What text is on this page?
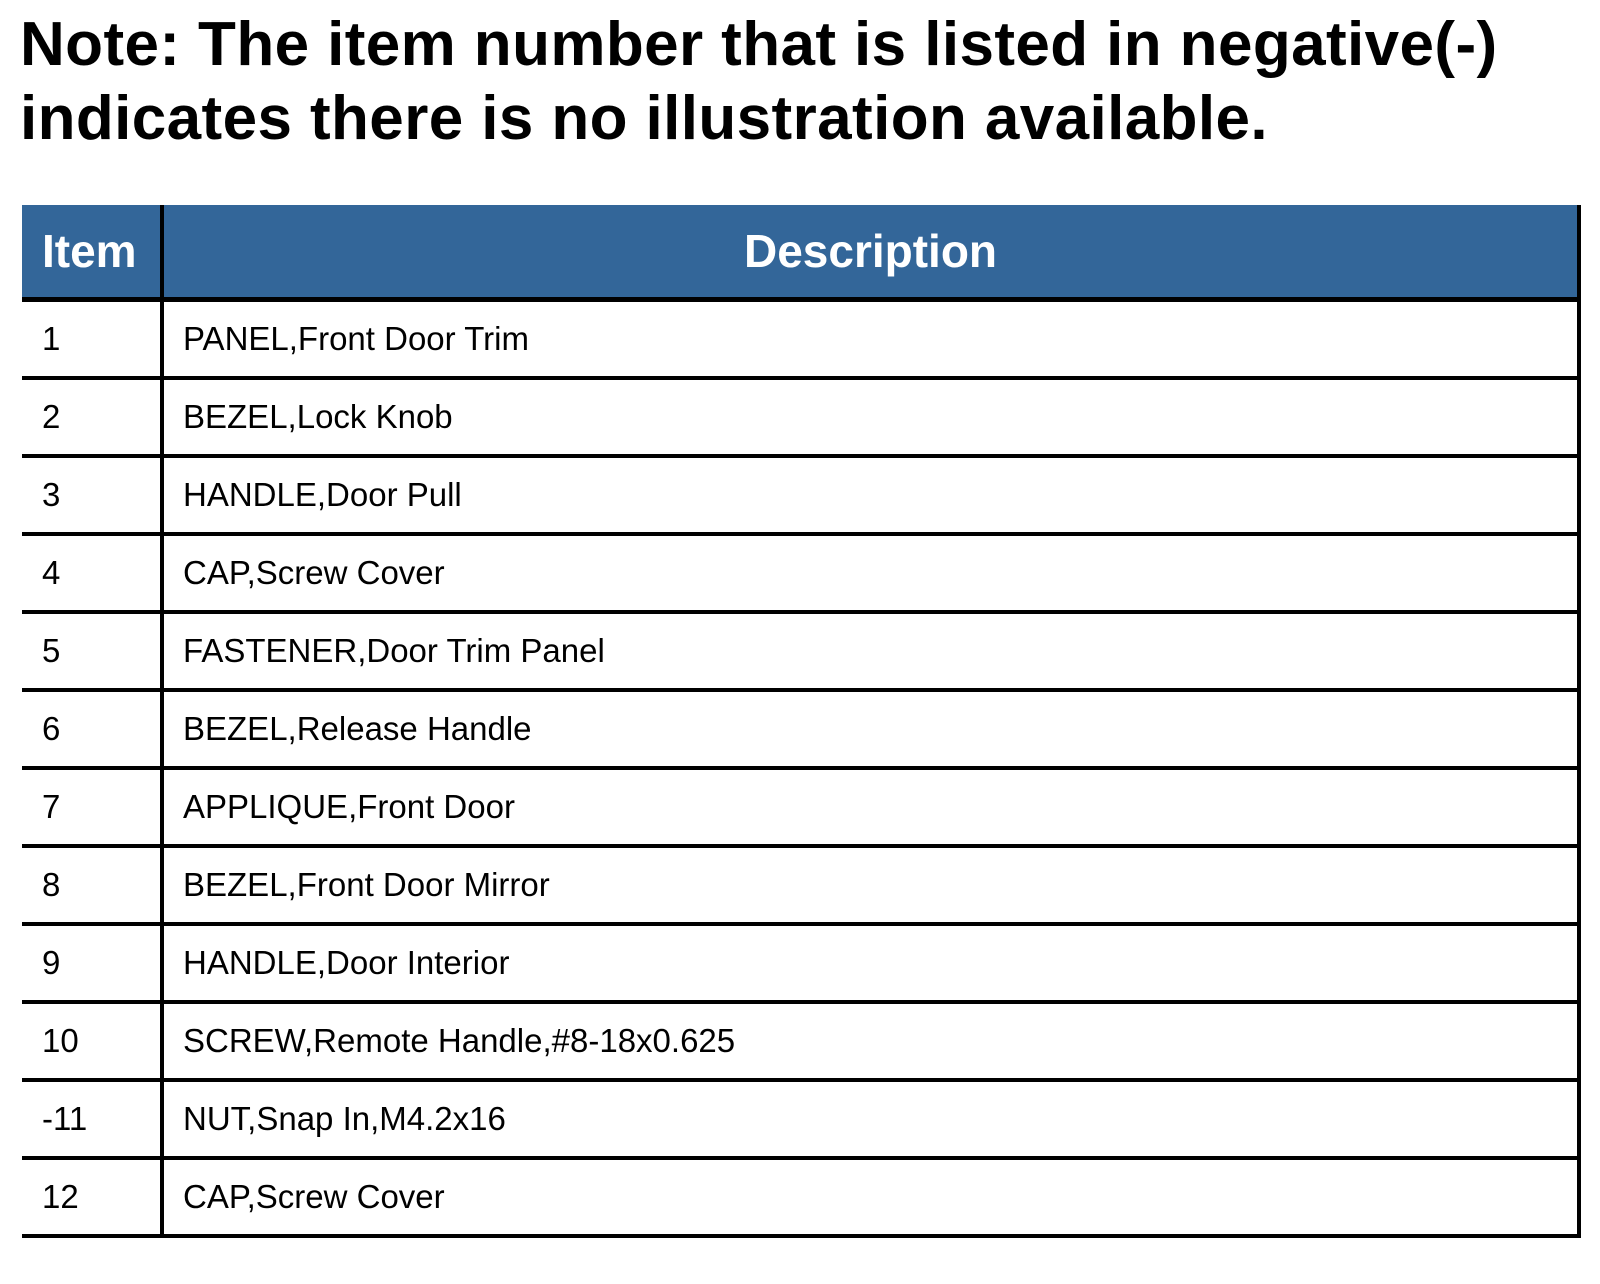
Note: The item number that is listed in negative(-)
indicates there is no illustration available.
Item	Description
1	PANEL,Front Door Trim
2	BEZEL,Lock Knob
3	HANDLE,Door Pull
4	CAP,Screw Cover
5	FASTENER,Door Trim Panel
6	BEZEL,Release Handle
7	APPLIQUE,Front Door
8	BEZEL,Front Door Mirror
9	HANDLE,Door Interior
10	SCREW,Remote Handle,#8-18x0.625
-11	NUT,Snap In,M4.2x16
12	CAP,Screw Cover
